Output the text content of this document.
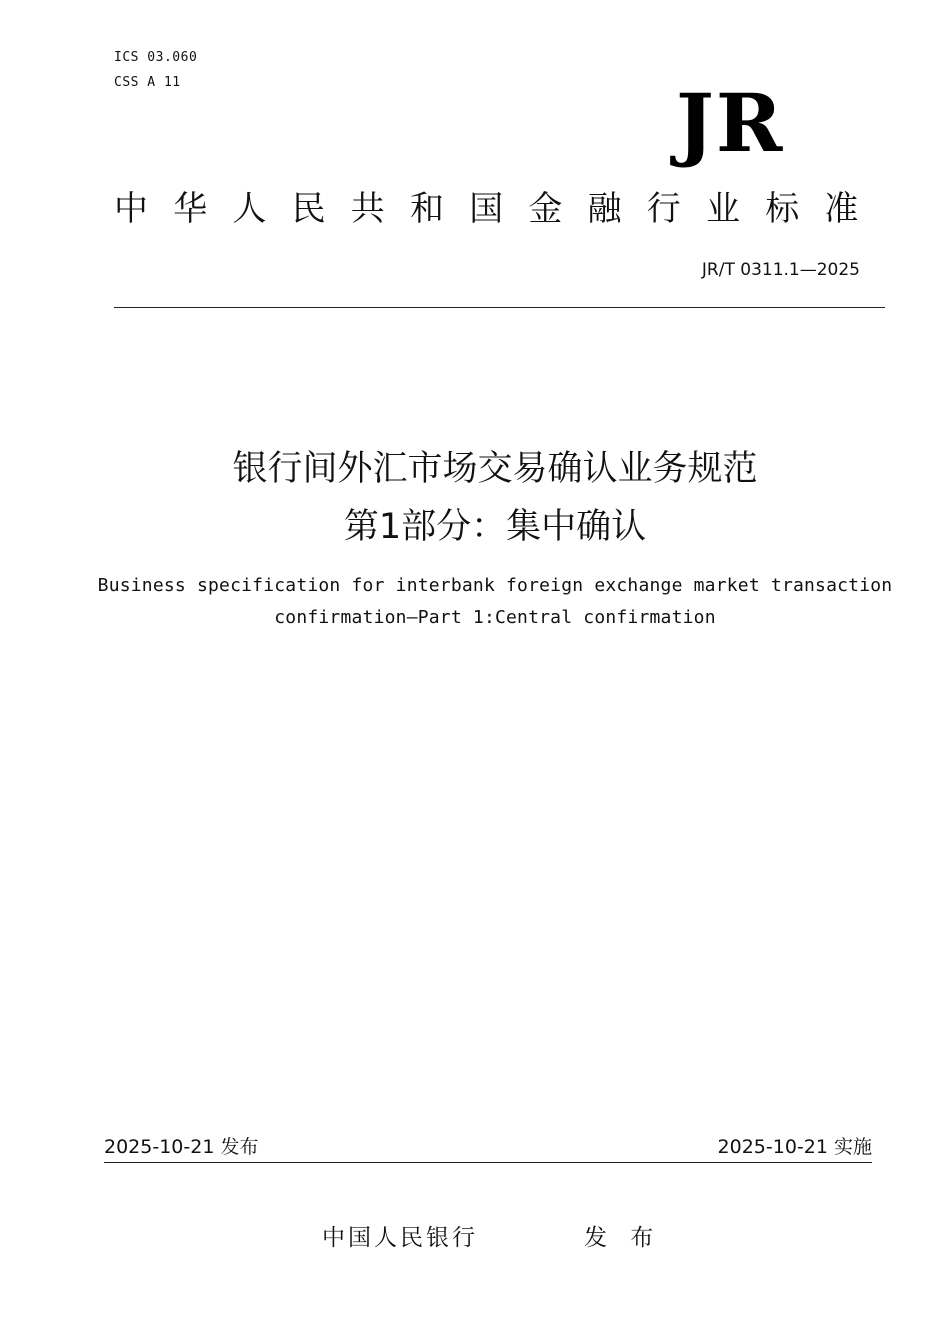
ICS 03.060
CSS A 11	JR
中华人民共和国金融行业标准
JR/T 0311.1—2025
银行间外汇市场交易确认业务规范
第1部分：集中确认
Business specification for interbank foreign exchange market transaction
confirmation—Part 1:Central confirmation
2025-10-21 发布	2025-10-21 实施
中国人民银行	发 布
